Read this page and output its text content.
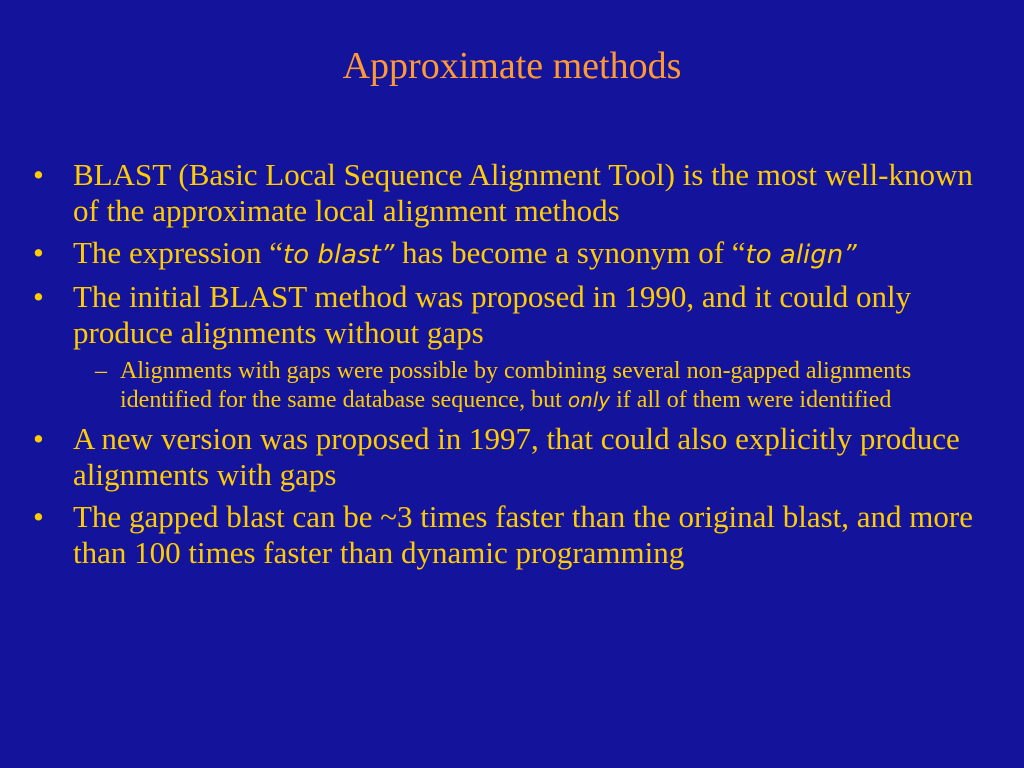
Approximate methods
• BLAST (Basic Local Sequence Alignment Tool) is the most well-known of the approximate local alignment methods
• The expression “to blast” has become a synonym of “to align”
• The initial BLAST method was proposed in 1990, and it could only produce alignments without gaps
– Alignments with gaps were possible by combining several non-gapped alignments identified for the same database sequence, but only if all of them were identified
• A new version was proposed in 1997, that could also explicitly produce alignments with gaps
• The gapped blast can be ~3 times faster than the original blast, and more than 100 times faster than dynamic programming
